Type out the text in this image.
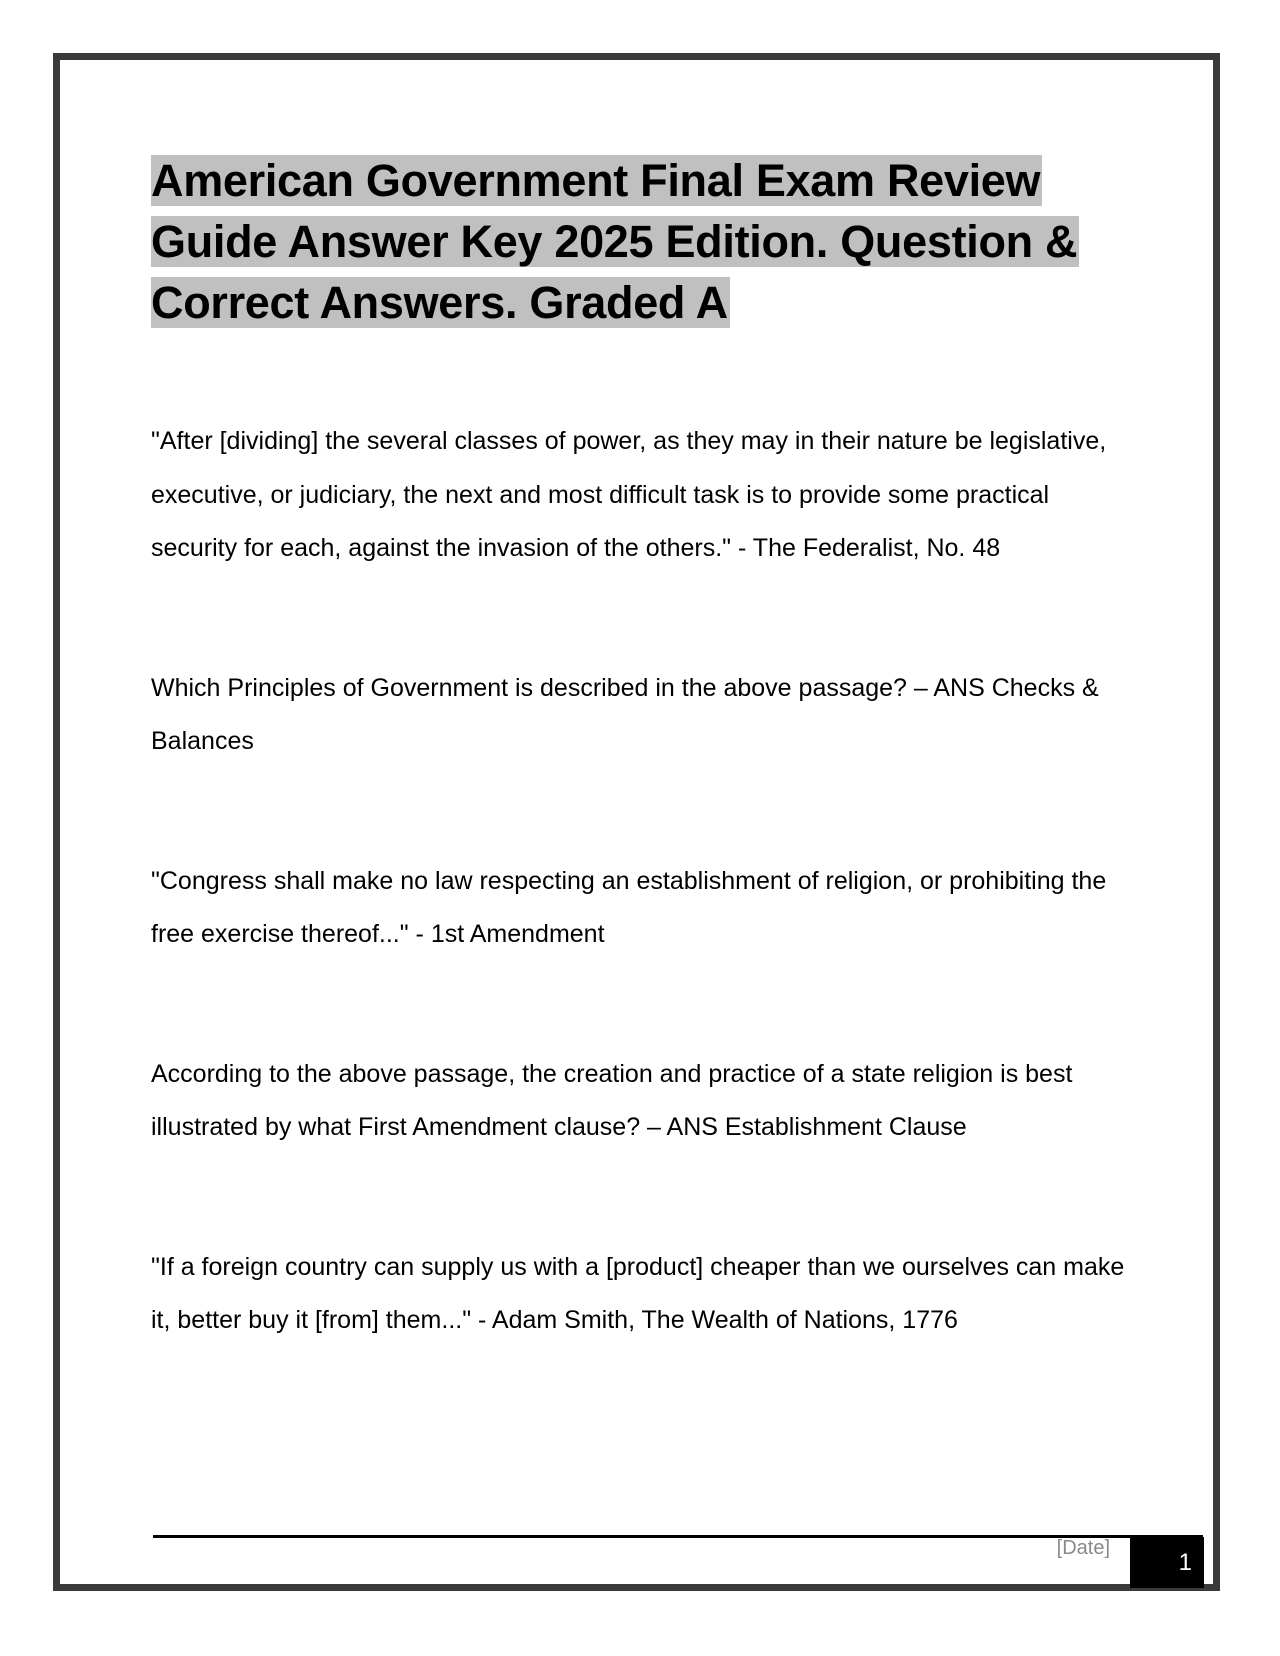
American Government Final Exam Review Guide Answer Key 2025 Edition. Question & Correct Answers. Graded A

"After [dividing] the several classes of power, as they may in their nature be legislative, executive, or judiciary, the next and most difficult task is to provide some practical security for each, against the invasion of the others." - The Federalist, No. 48

Which Principles of Government is described in the above passage? – ANS Checks & Balances

"Congress shall make no law respecting an establishment of religion, or prohibiting the free exercise thereof..." - 1st Amendment

According to the above passage, the creation and practice of a state religion is best illustrated by what First Amendment clause? – ANS Establishment Clause

"If a foreign country can supply us with a [product] cheaper than we ourselves can make it, better buy it [from] them..." - Adam Smith, The Wealth of Nations, 1776

[Date]
1
